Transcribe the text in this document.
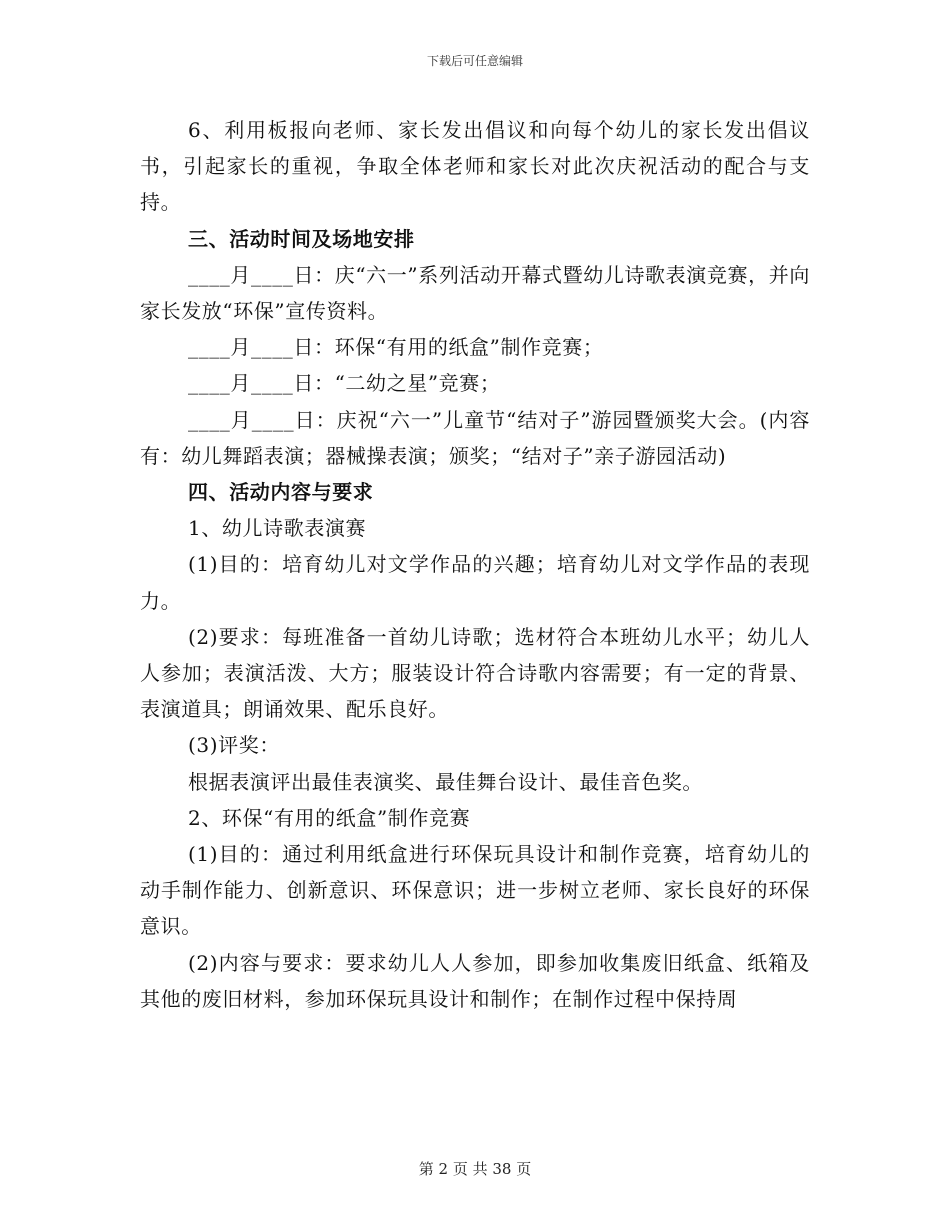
下载后可任意编辑

6、利用板报向老师、家长发出倡议和向每个幼儿的家长发出倡议书，引起家长的重视，争取全体老师和家长对此次庆祝活动的配合与支持。

三、活动时间及场地安排

____月____日：庆“六一”系列活动开幕式暨幼儿诗歌表演竞赛，并向家长发放“环保”宣传资料。

____月____日：环保“有用的纸盒”制作竞赛；

____月____日：“二幼之星”竞赛；

____月____日：庆祝“六一”儿童节“结对子”游园暨颁奖大会。(内容有：幼儿舞蹈表演；器械操表演；颁奖；“结对子”亲子游园活动)

四、活动内容与要求

1、幼儿诗歌表演赛

(1)目的：培育幼儿对文学作品的兴趣；培育幼儿对文学作品的表现力。

(2)要求：每班准备一首幼儿诗歌；选材符合本班幼儿水平；幼儿人人参加；表演活泼、大方；服装设计符合诗歌内容需要；有一定的背景、表演道具；朗诵效果、配乐良好。

(3)评奖：

根据表演评出最佳表演奖、最佳舞台设计、最佳音色奖。

2、环保“有用的纸盒”制作竞赛

(1)目的：通过利用纸盒进行环保玩具设计和制作竞赛，培育幼儿的动手制作能力、创新意识、环保意识；进一步树立老师、家长良好的环保意识。

(2)内容与要求：要求幼儿人人参加，即参加收集废旧纸盒、纸箱及其他的废旧材料，参加环保玩具设计和制作；在制作过程中保持周

第 2 页 共 38 页
